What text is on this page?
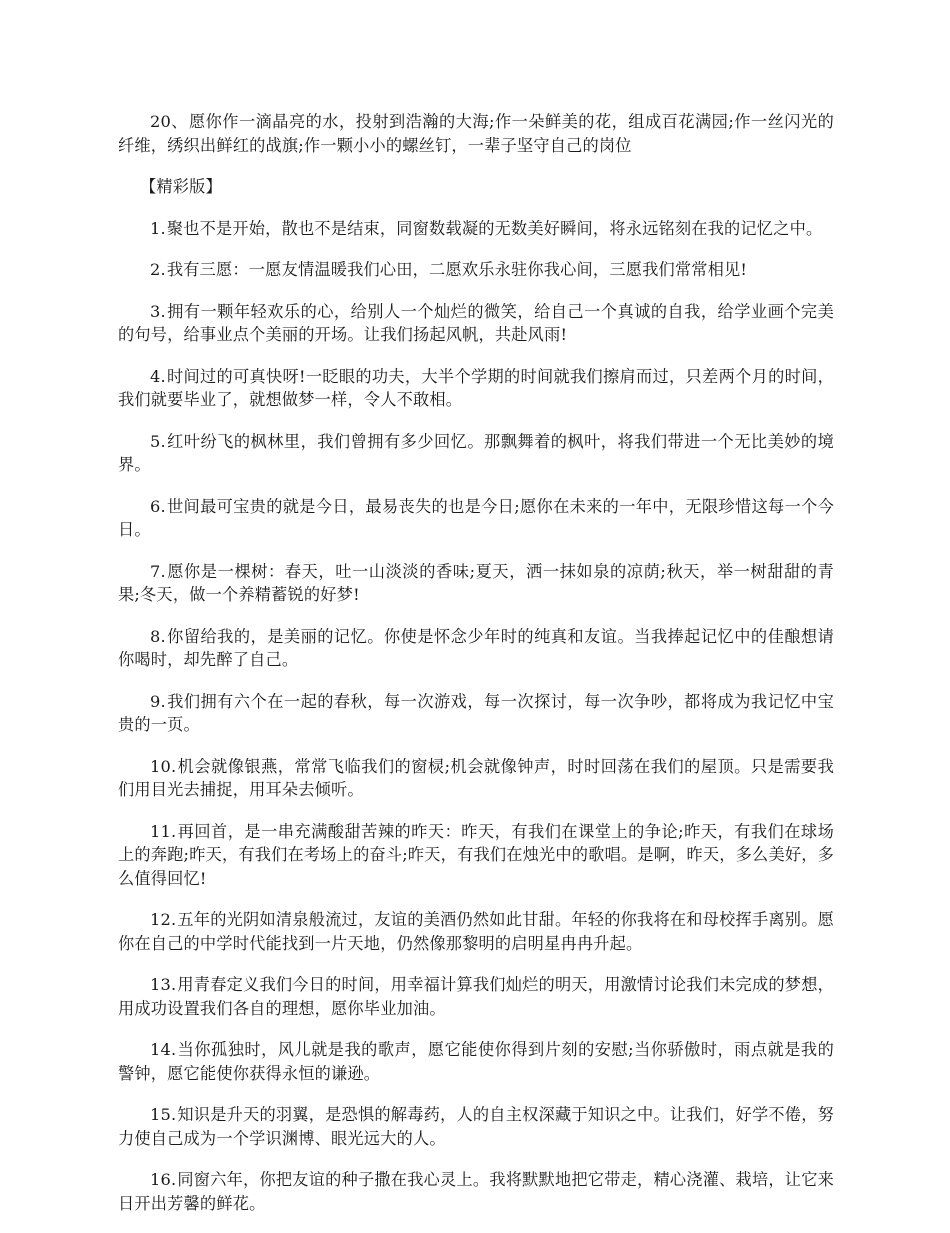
20、愿你作一滴晶亮的水，投射到浩瀚的大海;作一朵鲜美的花，组成百花满园;作一丝闪光的纤维，绣织出鲜红的战旗;作一颗小小的螺丝钉，一辈子坚守自己的岗位

【精彩版】

1.聚也不是开始，散也不是结束，同窗数载凝的无数美好瞬间，将永远铭刻在我的记忆之中。

2.我有三愿：一愿友情温暖我们心田，二愿欢乐永驻你我心间，三愿我们常常相见!

3.拥有一颗年轻欢乐的心，给别人一个灿烂的微笑，给自己一个真诚的自我，给学业画个完美的句号，给事业点个美丽的开场。让我们扬起风帆，共赴风雨!

4.时间过的可真快呀!一眨眼的功夫，大半个学期的时间就我们擦肩而过，只差两个月的时间，我们就要毕业了，就想做梦一样，令人不敢相。

5.红叶纷飞的枫林里，我们曾拥有多少回忆。那飘舞着的枫叶，将我们带进一个无比美妙的境界。

6.世间最可宝贵的就是今日，最易丧失的也是今日;愿你在未来的一年中，无限珍惜这每一个今日。

7.愿你是一棵树：春天，吐一山淡淡的香味;夏天，洒一抹如泉的凉荫;秋天，举一树甜甜的青果;冬天，做一个养精蓄锐的好梦!

8.你留给我的，是美丽的记忆。你使是怀念少年时的纯真和友谊。当我捧起记忆中的佳酿想请你喝时，却先醉了自己。

9.我们拥有六个在一起的春秋，每一次游戏，每一次探讨，每一次争吵，都将成为我记忆中宝贵的一页。

10.机会就像银燕，常常飞临我们的窗棂;机会就像钟声，时时回荡在我们的屋顶。只是需要我们用目光去捕捉，用耳朵去倾听。

11.再回首，是一串充满酸甜苦辣的昨天：昨天，有我们在课堂上的争论;昨天，有我们在球场上的奔跑;昨天，有我们在考场上的奋斗;昨天，有我们在烛光中的歌唱。是啊，昨天，多么美好，多么值得回忆!

12.五年的光阴如清泉般流过，友谊的美酒仍然如此甘甜。年轻的你我将在和母校挥手离别。愿你在自己的中学时代能找到一片天地，仍然像那黎明的启明星冉冉升起。

13.用青春定义我们今日的时间，用幸福计算我们灿烂的明天，用激情讨论我们未完成的梦想，用成功设置我们各自的理想，愿你毕业加油。

14.当你孤独时，风儿就是我的歌声，愿它能使你得到片刻的安慰;当你骄傲时，雨点就是我的警钟，愿它能使你获得永恒的谦逊。

15.知识是升天的羽翼，是恐惧的解毒药，人的自主权深藏于知识之中。让我们，好学不倦，努力使自己成为一个学识渊博、眼光远大的人。

16.同窗六年，你把友谊的种子撒在我心灵上。我将默默地把它带走，精心浇灌、栽培，让它来日开出芳馨的鲜花。
